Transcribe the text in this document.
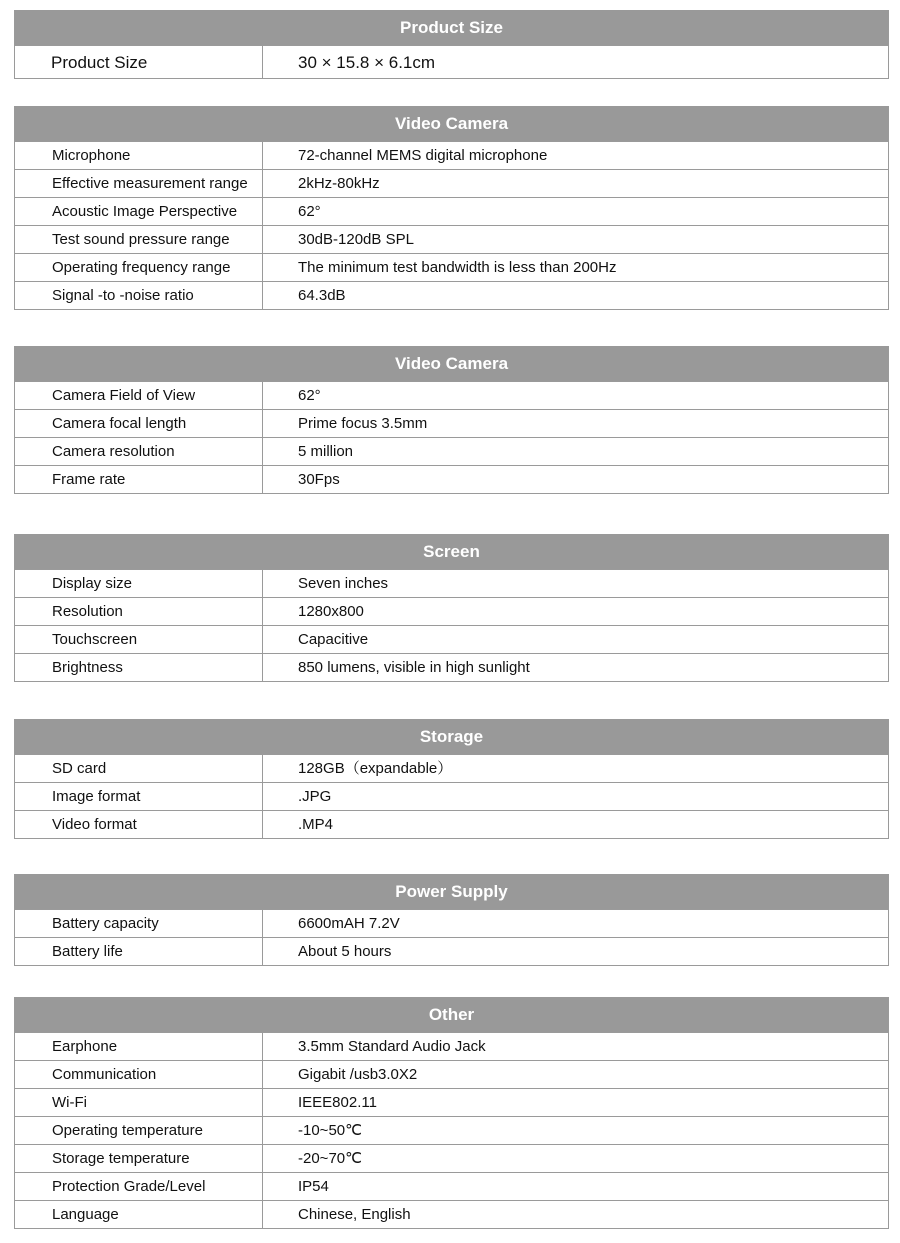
Product Size
Product Size	30 × 15.8 × 6.1cm
Video Camera
Microphone	72-channel MEMS digital microphone
Effective measurement range	2kHz-80kHz
Acoustic Image Perspective	62°
Test sound pressure range	30dB-120dB SPL
Operating frequency range	The minimum test bandwidth is less than 200Hz
Signal -to -noise ratio	64.3dB
Video Camera
Camera Field of View	62°
Camera focal length	Prime focus 3.5mm
Camera resolution	5 million
Frame rate	30Fps
Screen
Display size	Seven inches
Resolution	1280x800
Touchscreen	Capacitive
Brightness	850 lumens, visible in high sunlight
Storage
SD card	128GB（expandable）
Image format	.JPG
Video format	.MP4
Power Supply
Battery capacity	6600mAH 7.2V
Battery life	About 5 hours
Other
Earphone	3.5mm Standard Audio Jack
Communication	Gigabit /usb3.0X2
Wi-Fi	IEEE802.11
Operating temperature	-10~50℃
Storage temperature	-20~70℃
Protection Grade/Level	IP54
Language	Chinese, English
